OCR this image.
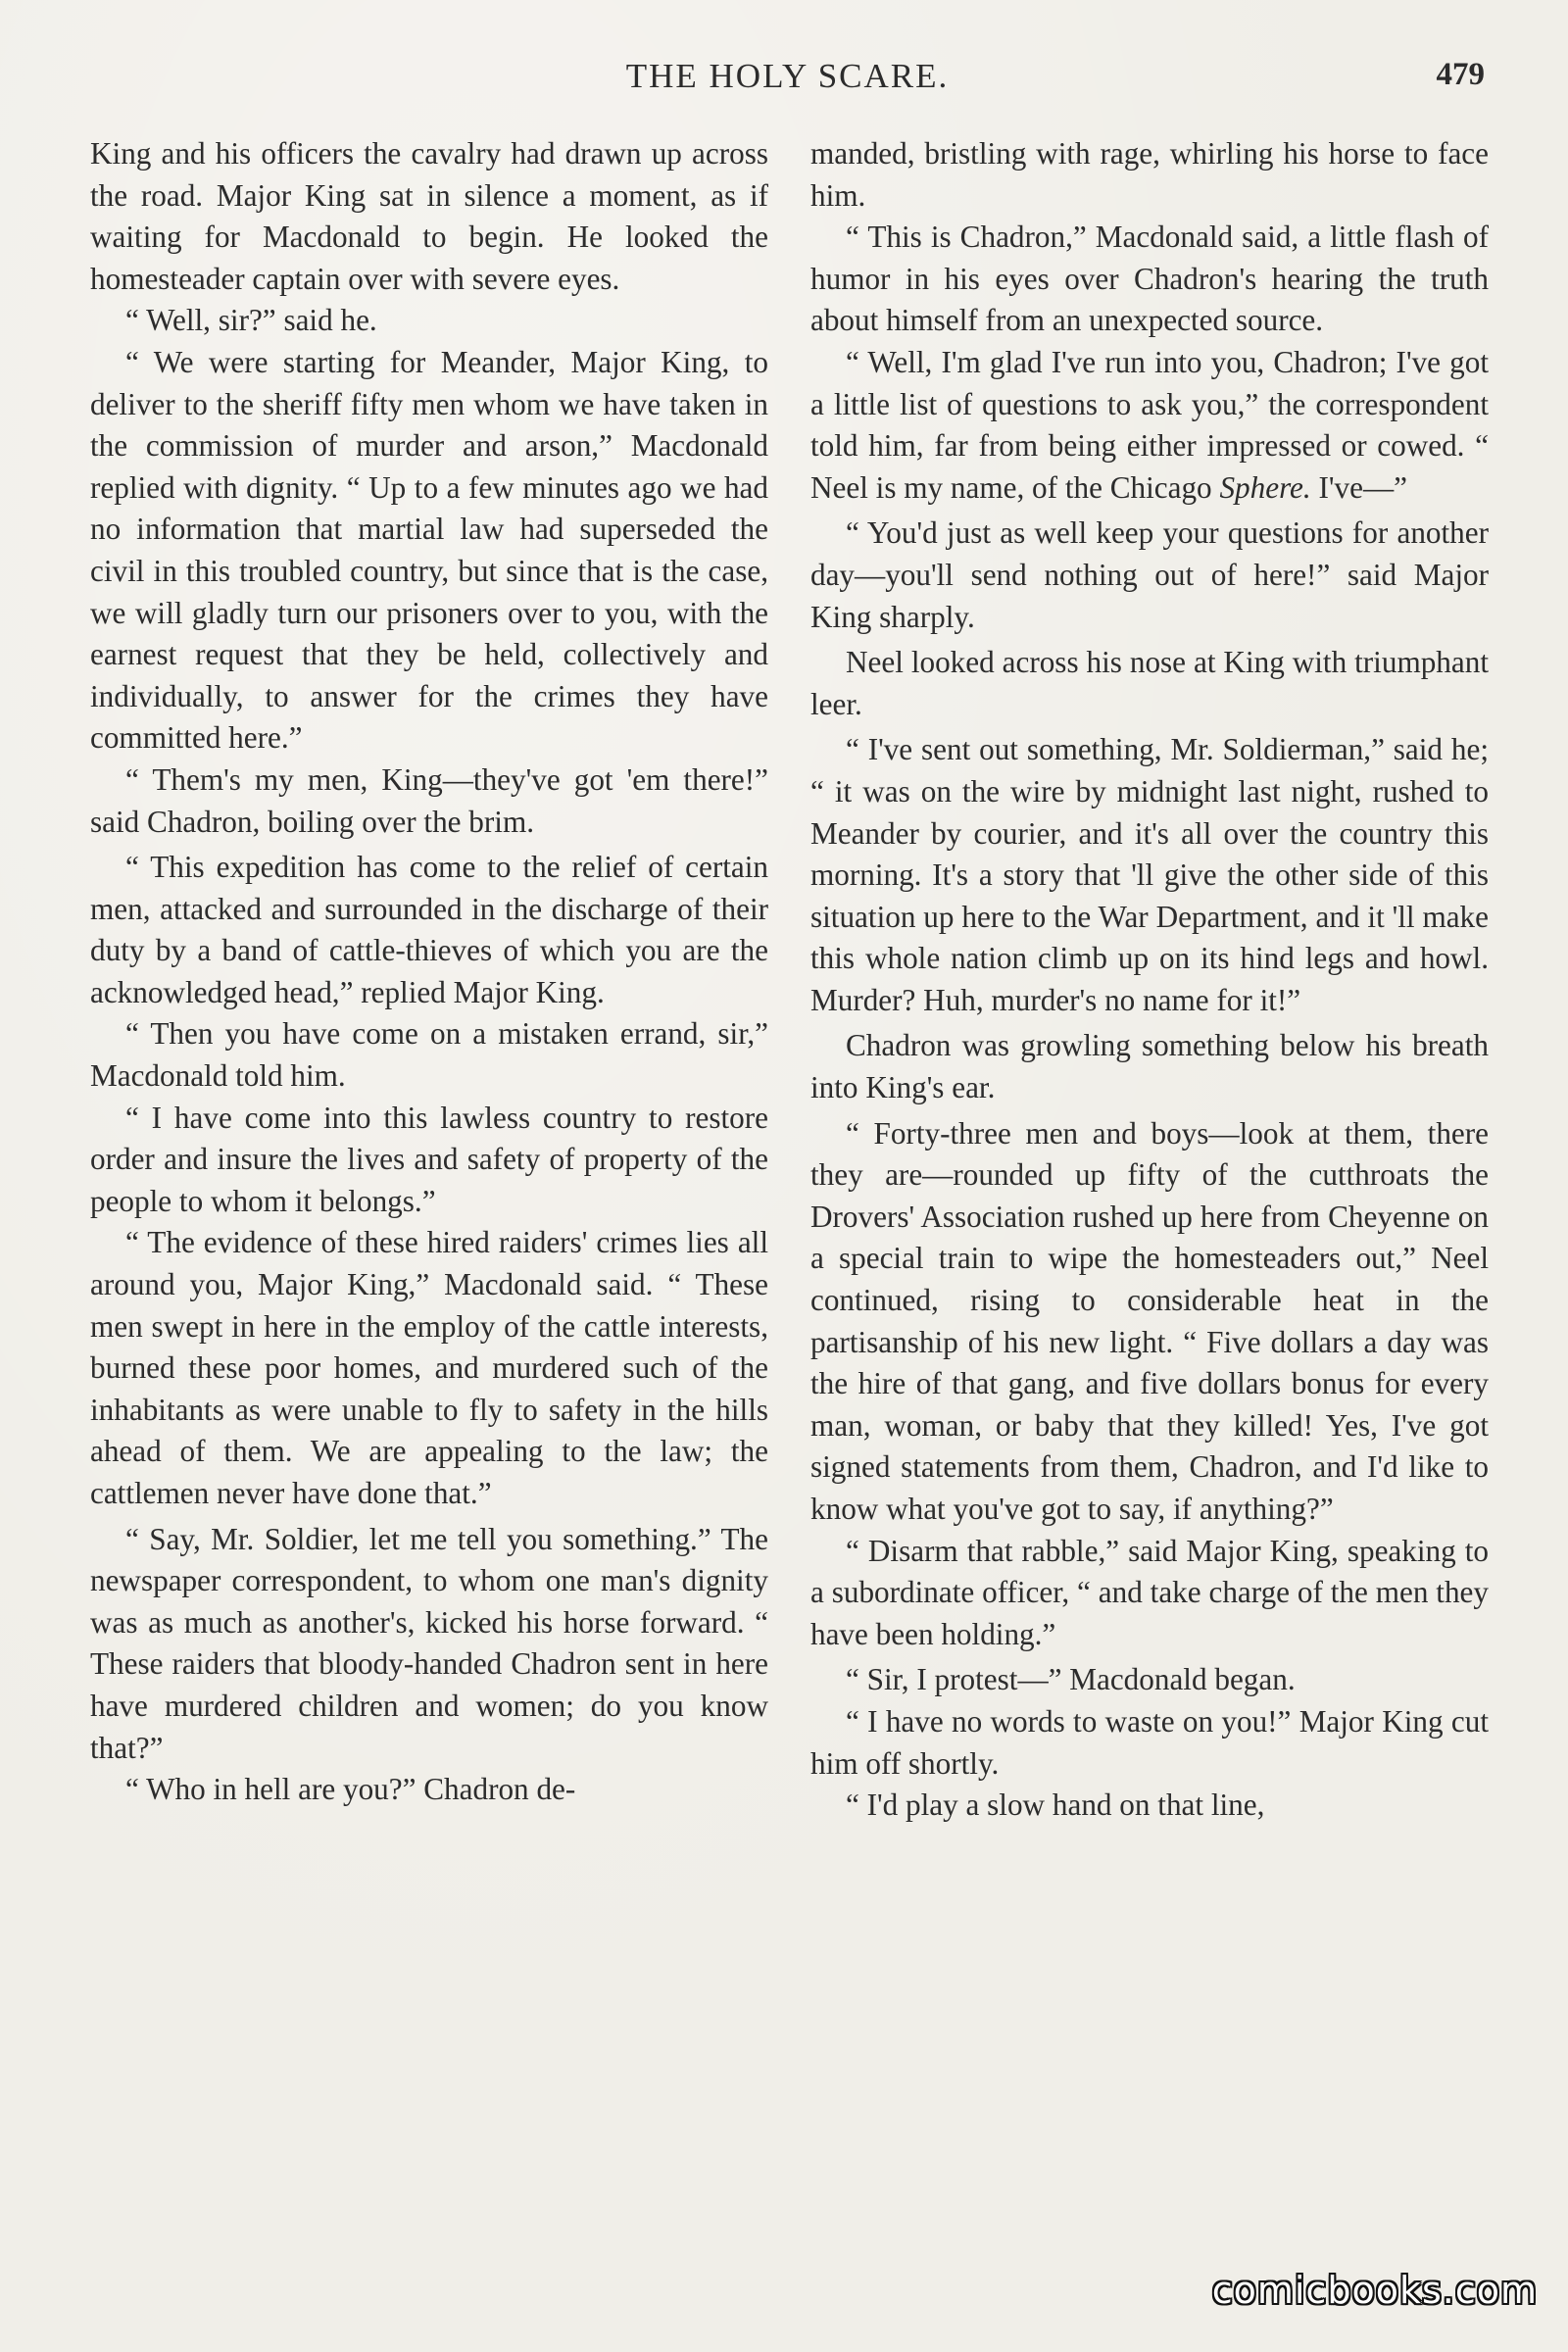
THE HOLY SCARE.	479

King and his officers the cavalry had drawn up across the road. Major King sat in silence a moment, as if waiting for Macdonald to begin. He looked the homesteader captain over with severe eyes.

“ Well, sir?” said he.

“ We were starting for Meander, Major King, to deliver to the sheriff fifty men whom we have taken in the commission of murder and arson,” Macdonald replied with dignity. “ Up to a few minutes ago we had no information that martial law had superseded the civil in this troubled country, but since that is the case, we will gladly turn our prisoners over to you, with the earnest request that they be held, collectively and individually, to answer for the crimes they have committed here.”

“ Them's my men, King—they've got 'em there!” said Chadron, boiling over the brim.

“ This expedition has come to the relief of certain men, attacked and surrounded in the discharge of their duty by a band of cattle-thieves of which you are the acknowledged head,” replied Major King.

“ Then you have come on a mistaken errand, sir,” Macdonald told him.

“ I have come into this lawless country to restore order and insure the lives and safety of property of the people to whom it belongs.”

“ The evidence of these hired raiders' crimes lies all around you, Major King,” Macdonald said. “ These men swept in here in the employ of the cattle interests, burned these poor homes, and murdered such of the inhabitants as were unable to fly to safety in the hills ahead of them. We are appealing to the law; the cattlemen never have done that.”

“ Say, Mr. Soldier, let me tell you something.” The newspaper correspondent, to whom one man's dignity was as much as another's, kicked his horse forward. “ These raiders that bloody-handed Chadron sent in here have murdered children and women; do you know that?”

“ Who in hell are you?” Chadron de-

manded, bristling with rage, whirling his horse to face him.

“ This is Chadron,” Macdonald said, a little flash of humor in his eyes over Chadron's hearing the truth about himself from an unexpected source.

“ Well, I'm glad I've run into you, Chadron; I've got a little list of questions to ask you,” the correspondent told him, far from being either impressed or cowed. “ Neel is my name, of the Chicago Sphere. I've—”

“ You'd just as well keep your questions for another day—you'll send nothing out of here!” said Major King sharply.

Neel looked across his nose at King with triumphant leer.

“ I've sent out something, Mr. Soldierman,” said he; “ it was on the wire by midnight last night, rushed to Meander by courier, and it's all over the country this morning. It's a story that 'll give the other side of this situation up here to the War Department, and it 'll make this whole nation climb up on its hind legs and howl. Murder? Huh, murder's no name for it!”

Chadron was growling something below his breath into King's ear.

“ Forty-three men and boys—look at them, there they are—rounded up fifty of the cutthroats the Drovers' Association rushed up here from Cheyenne on a special train to wipe the homesteaders out,” Neel continued, rising to considerable heat in the partisanship of his new light. “ Five dollars a day was the hire of that gang, and five dollars bonus for every man, woman, or baby that they killed! Yes, I've got signed statements from them, Chadron, and I'd like to know what you've got to say, if anything?”

“ Disarm that rabble,” said Major King, speaking to a subordinate officer, “ and take charge of the men they have been holding.”

“ Sir, I protest—” Macdonald began.

“ I have no words to waste on you!” Major King cut him off shortly.

“ I'd play a slow hand on that line,

comicbooks.com
